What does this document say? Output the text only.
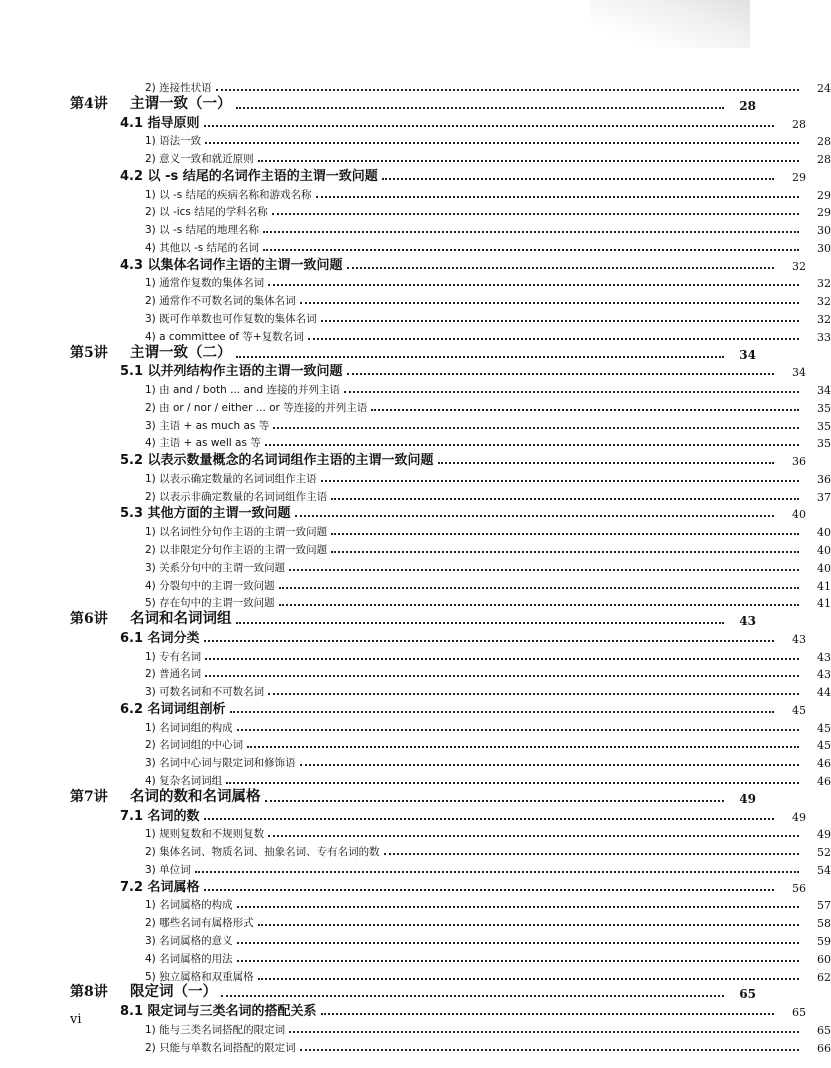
2) 连接性状语	24
第4讲	主谓一致（一）	28
4.1 指导原则	28
1) 语法一致	28
2) 意义一致和就近原则	28
4.2 以 -s 结尾的名词作主语的主谓一致问题	29
1) 以 -s 结尾的疾病名称和游戏名称	29
2) 以 -ics 结尾的学科名称	29
3) 以 -s 结尾的地理名称	30
4) 其他以 -s 结尾的名词	30
4.3 以集体名词作主语的主谓一致问题	32
1) 通常作复数的集体名词	32
2) 通常作不可数名词的集体名词	32
3) 既可作单数也可作复数的集体名词	32
4) a committee of 等+复数名词	33
第5讲	主谓一致（二）	34
5.1 以并列结构作主语的主谓一致问题	34
1) 由 and / both ... and 连接的并列主语	34
2) 由 or / nor / either ... or 等连接的并列主语	35
3) 主语 + as much as 等	35
4) 主语 + as well as 等	35
5.2 以表示数量概念的名词词组作主语的主谓一致问题	36
1) 以表示确定数量的名词词组作主语	36
2) 以表示非确定数量的名词词组作主语	37
5.3 其他方面的主谓一致问题	40
1) 以名词性分句作主语的主谓一致问题	40
2) 以非限定分句作主语的主谓一致问题	40
3) 关系分句中的主谓一致问题	40
4) 分裂句中的主谓一致问题	41
5) 存在句中的主谓一致问题	41
第6讲	名词和名词词组	43
6.1 名词分类	43
1) 专有名词	43
2) 普通名词	43
3) 可数名词和不可数名词	44
6.2 名词词组剖析	45
1) 名词词组的构成	45
2) 名词词组的中心词	45
3) 名词中心词与限定词和修饰语	46
4) 复杂名词词组	46
第7讲	名词的数和名词属格	49
7.1 名词的数	49
1) 规则复数和不规则复数	49
2) 集体名词、物质名词、抽象名词、专有名词的数	52
3) 单位词	54
7.2 名词属格	56
1) 名词属格的构成	57
2) 哪些名词有属格形式	58
3) 名词属格的意义	59
4) 名词属格的用法	60
5) 独立属格和双重属格	62
第8讲	限定词（一）	65
8.1 限定词与三类名词的搭配关系	65
1) 能与三类名词搭配的限定词	65
2) 只能与单数名词搭配的限定词	66
vi
